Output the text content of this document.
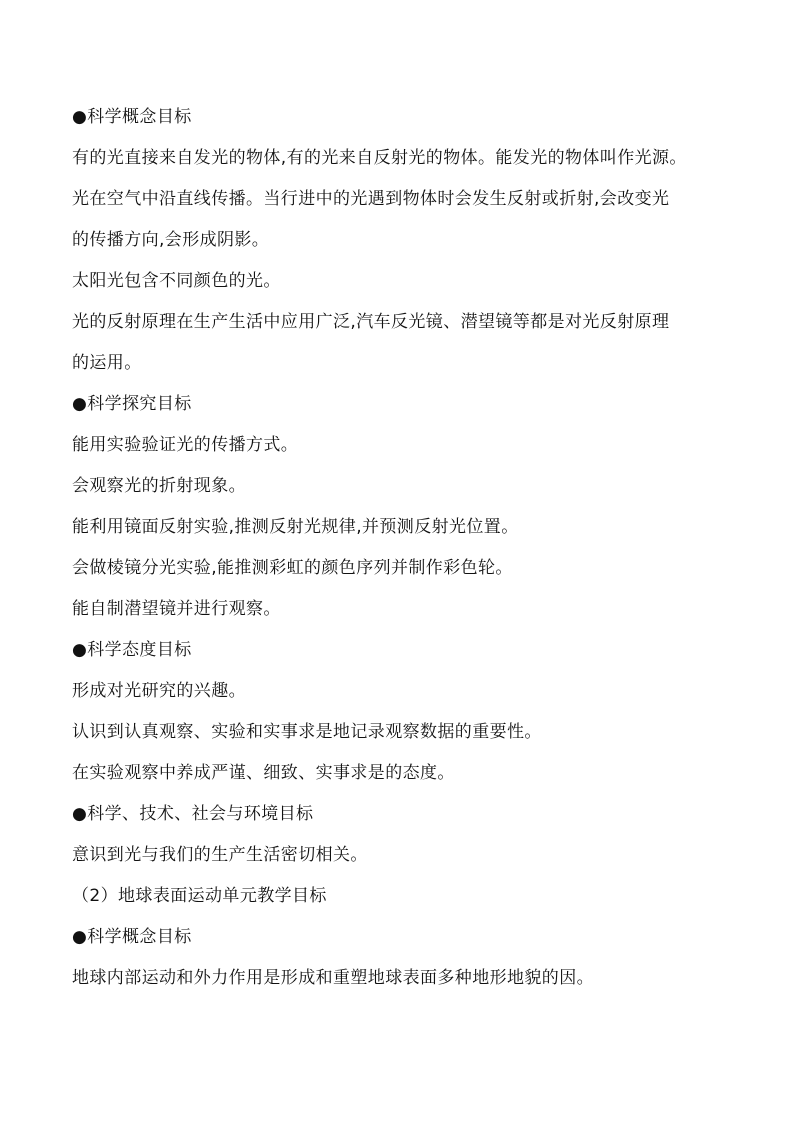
●科学概念目标

有的光直接来自发光的物体,有的光来自反射光的物体。能发光的物体叫作光源。

光在空气中沿直线传播。当行进中的光遇到物体时会发生反射或折射,会改变光

的传播方向,会形成阴影。

太阳光包含不同颜色的光。

光的反射原理在生产生活中应用广泛,汽车反光镜、潜望镜等都是对光反射原理

的运用。

●科学探究目标

能用实验验证光的传播方式。

会观察光的折射现象。

能利用镜面反射实验,推测反射光规律,并预测反射光位置。

会做棱镜分光实验,能推测彩虹的颜色序列并制作彩色轮。

能自制潜望镜并进行观察。

●科学态度目标

形成对光研究的兴趣。

认识到认真观察、实验和实事求是地记录观察数据的重要性。

在实验观察中养成严谨、细致、实事求是的态度。

●科学、技术、社会与环境目标

意识到光与我们的生产生活密切相关。

（2）地球表面运动单元教学目标

●科学概念目标

地球内部运动和外力作用是形成和重塑地球表面多种地形地貌的因。
